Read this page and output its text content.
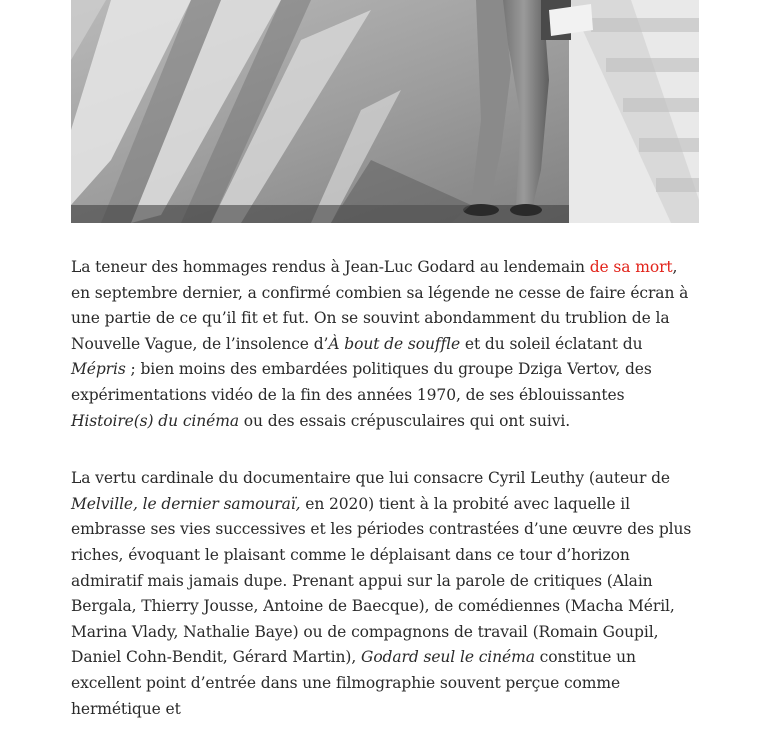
La teneur des hommages rendus à Jean-Luc Godard au lendemain de sa mort, en septembre dernier, a confirmé combien sa légende ne cesse de faire écran à une partie de ce qu’il fit et fut. On se souvint abondamment du trublion de la Nouvelle Vague, de l’insolence d’À bout de souffle et du soleil éclatant du Mépris ; bien moins des embardées politiques du groupe Dziga Vertov, des expérimentations vidéo de la fin des années 1970, de ses éblouissantes Histoire(s) du cinéma ou des essais crépusculaires qui ont suivi.

La vertu cardinale du documentaire que lui consacre Cyril Leuthy (auteur de Melville, le dernier samouraï, en 2020) tient à la probité avec laquelle il embrasse ses vies successives et les périodes contrastées d’une œuvre des plus riches, évoquant le plaisant comme le déplaisant dans ce tour d’horizon admiratif mais jamais dupe. Prenant appui sur la parole de critiques (Alain Bergala, Thierry Jousse, Antoine de Baecque), de comédiennes (Macha Méril, Marina Vlady, Nathalie Baye) ou de compagnons de travail (Romain Goupil, Daniel Cohn-Bendit, Gérard Martin), Godard seul le cinéma constitue un excellent point d’entrée dans une filmographie souvent perçue comme hermétique et
